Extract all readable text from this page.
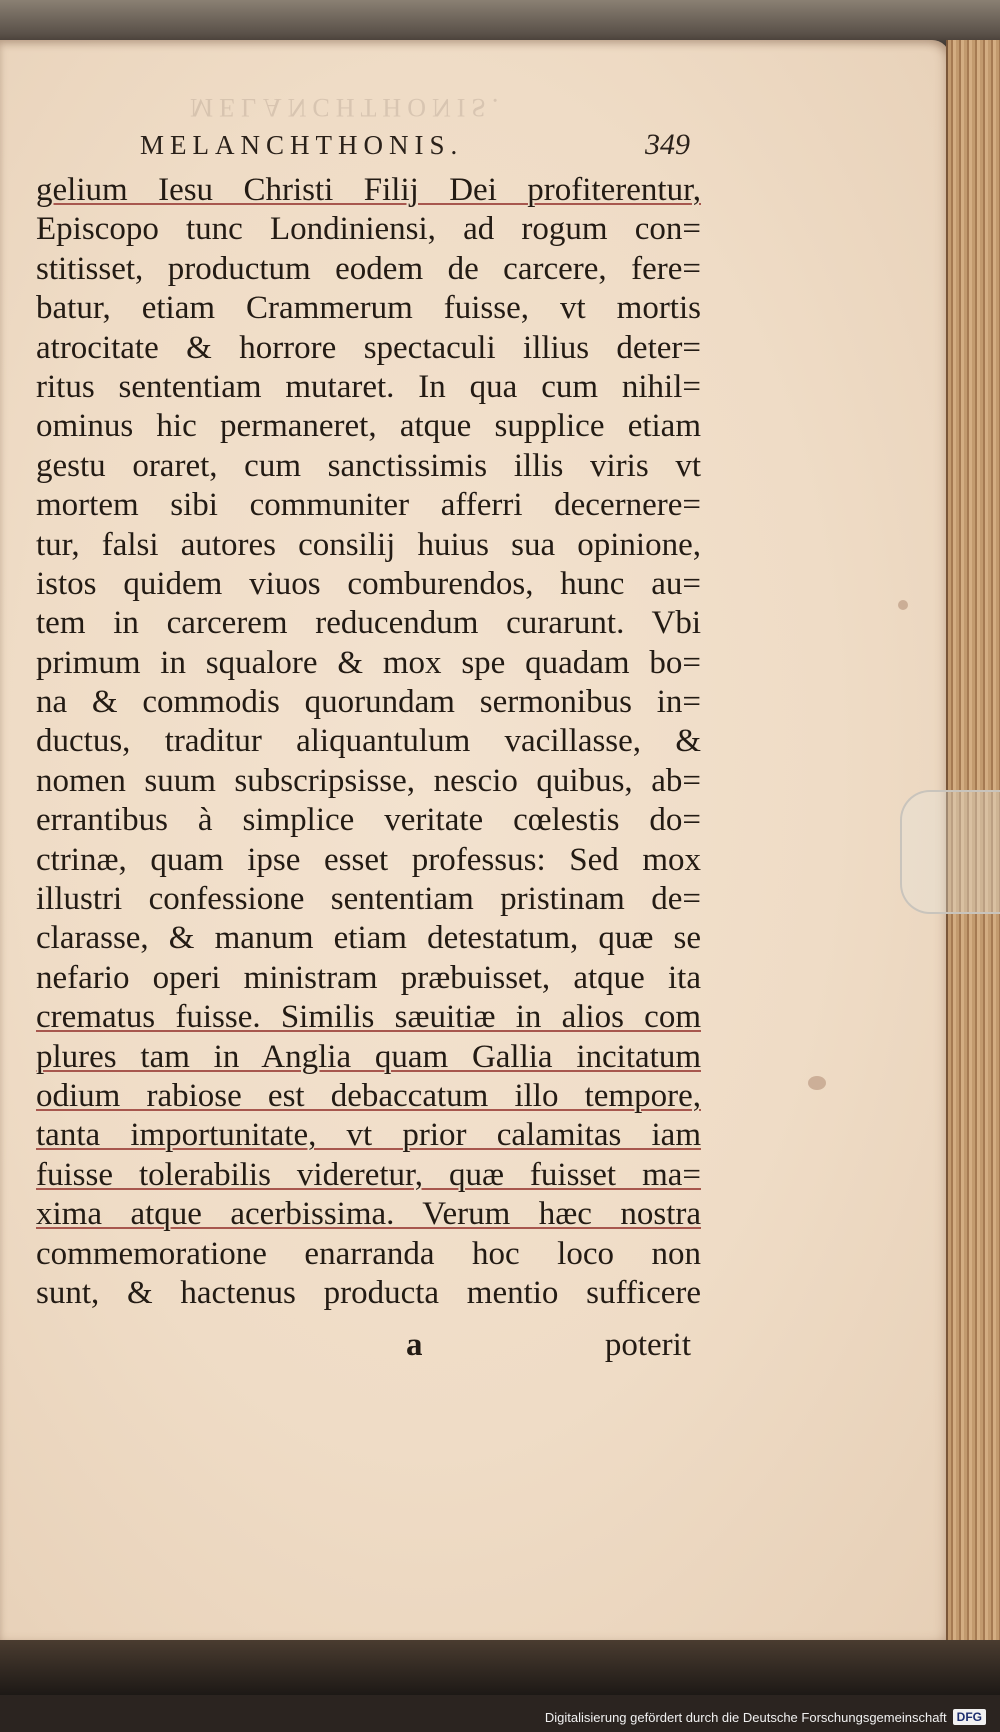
MELANCHTHONIS.
MELANCHTHONIS.	349
gelium Iesu Christi Filij Dei profiterentur,
Episcopo tunc Londiniensi, ad rogum con=
stitisset, productum eodem de carcere, fere=
batur, etiam Crammerum fuisse, vt mortis
atrocitate & horrore spectaculi illius deter=
ritus sententiam mutaret. In qua cum nihil=
ominus hic permaneret, atque supplice etiam
gestu oraret, cum sanctissimis illis viris vt
mortem sibi communiter afferri decernere=
tur, falsi autores consilij huius sua opinione,
istos quidem viuos comburendos, hunc au=
tem in carcerem reducendum curarunt. Vbi
primum in squalore & mox spe quadam bo=
na & commodis quorundam sermonibus in=
ductus, traditur aliquantulum vacillasse, &
nomen suum subscripsisse, nescio quibus, ab=
errantibus à simplice veritate cœlestis do=
ctrinæ, quam ipse esset professus: Sed mox
illustri confessione sententiam pristinam de=
clarasse, & manum etiam detestatum, quæ se
nefario operi ministram præbuisset, atque ita
crematus fuisse. Similis sæuitiæ in alios com
plures tam in Anglia quam Gallia incitatum
odium rabiose est debaccatum illo tempore,
tanta importunitate, vt prior calamitas iam
fuisse tolerabilis videretur, quæ fuisset ma=
xima atque acerbissima. Verum hæc nostra
commemoratione enarranda hoc loco non
sunt, & hactenus producta mentio sufficere
a	poterit
Digitalisierung gefördert durch die Deutsche Forschungsgemeinschaft DFG
